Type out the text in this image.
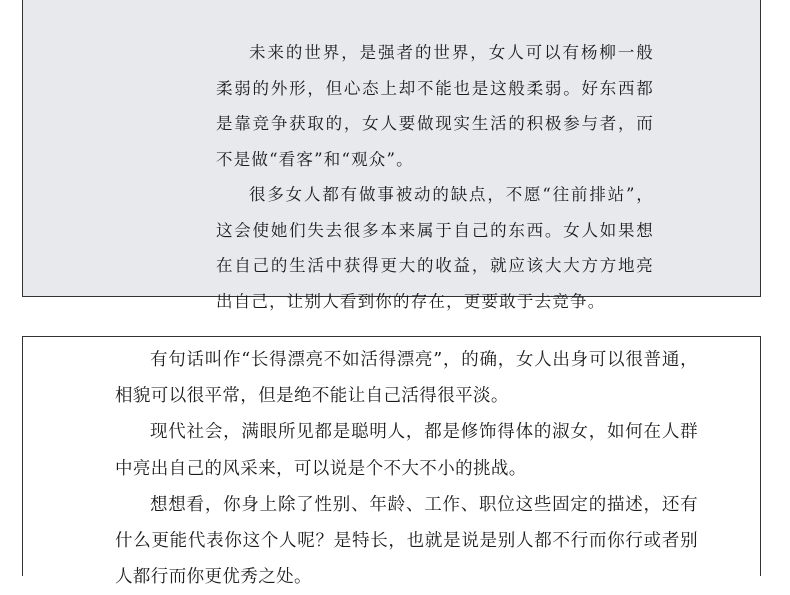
未来的世界，是强者的世界，女人可以有杨柳一般柔弱的外形，但心态上却不能也是这般柔弱。好东西都是靠竞争获取的，女人要做现实生活的积极参与者，而不是做“看客”和“观众”。

很多女人都有做事被动的缺点，不愿“往前排站”，这会使她们失去很多本来属于自己的东西。女人如果想在自己的生活中获得更大的收益，就应该大大方方地亮出自己，让别人看到你的存在，更要敢于去竞争。

有句话叫作“长得漂亮不如活得漂亮”，的确，女人出身可以很普通，相貌可以很平常，但是绝不能让自己活得很平淡。

现代社会，满眼所见都是聪明人，都是修饰得体的淑女，如何在人群中亮出自己的风采来，可以说是个不大不小的挑战。

想想看，你身上除了性别、年龄、工作、职位这些固定的描述，还有什么更能代表你这个人呢？是特长，也就是说是别人都不行而你行或者别人都行而你更优秀之处。
